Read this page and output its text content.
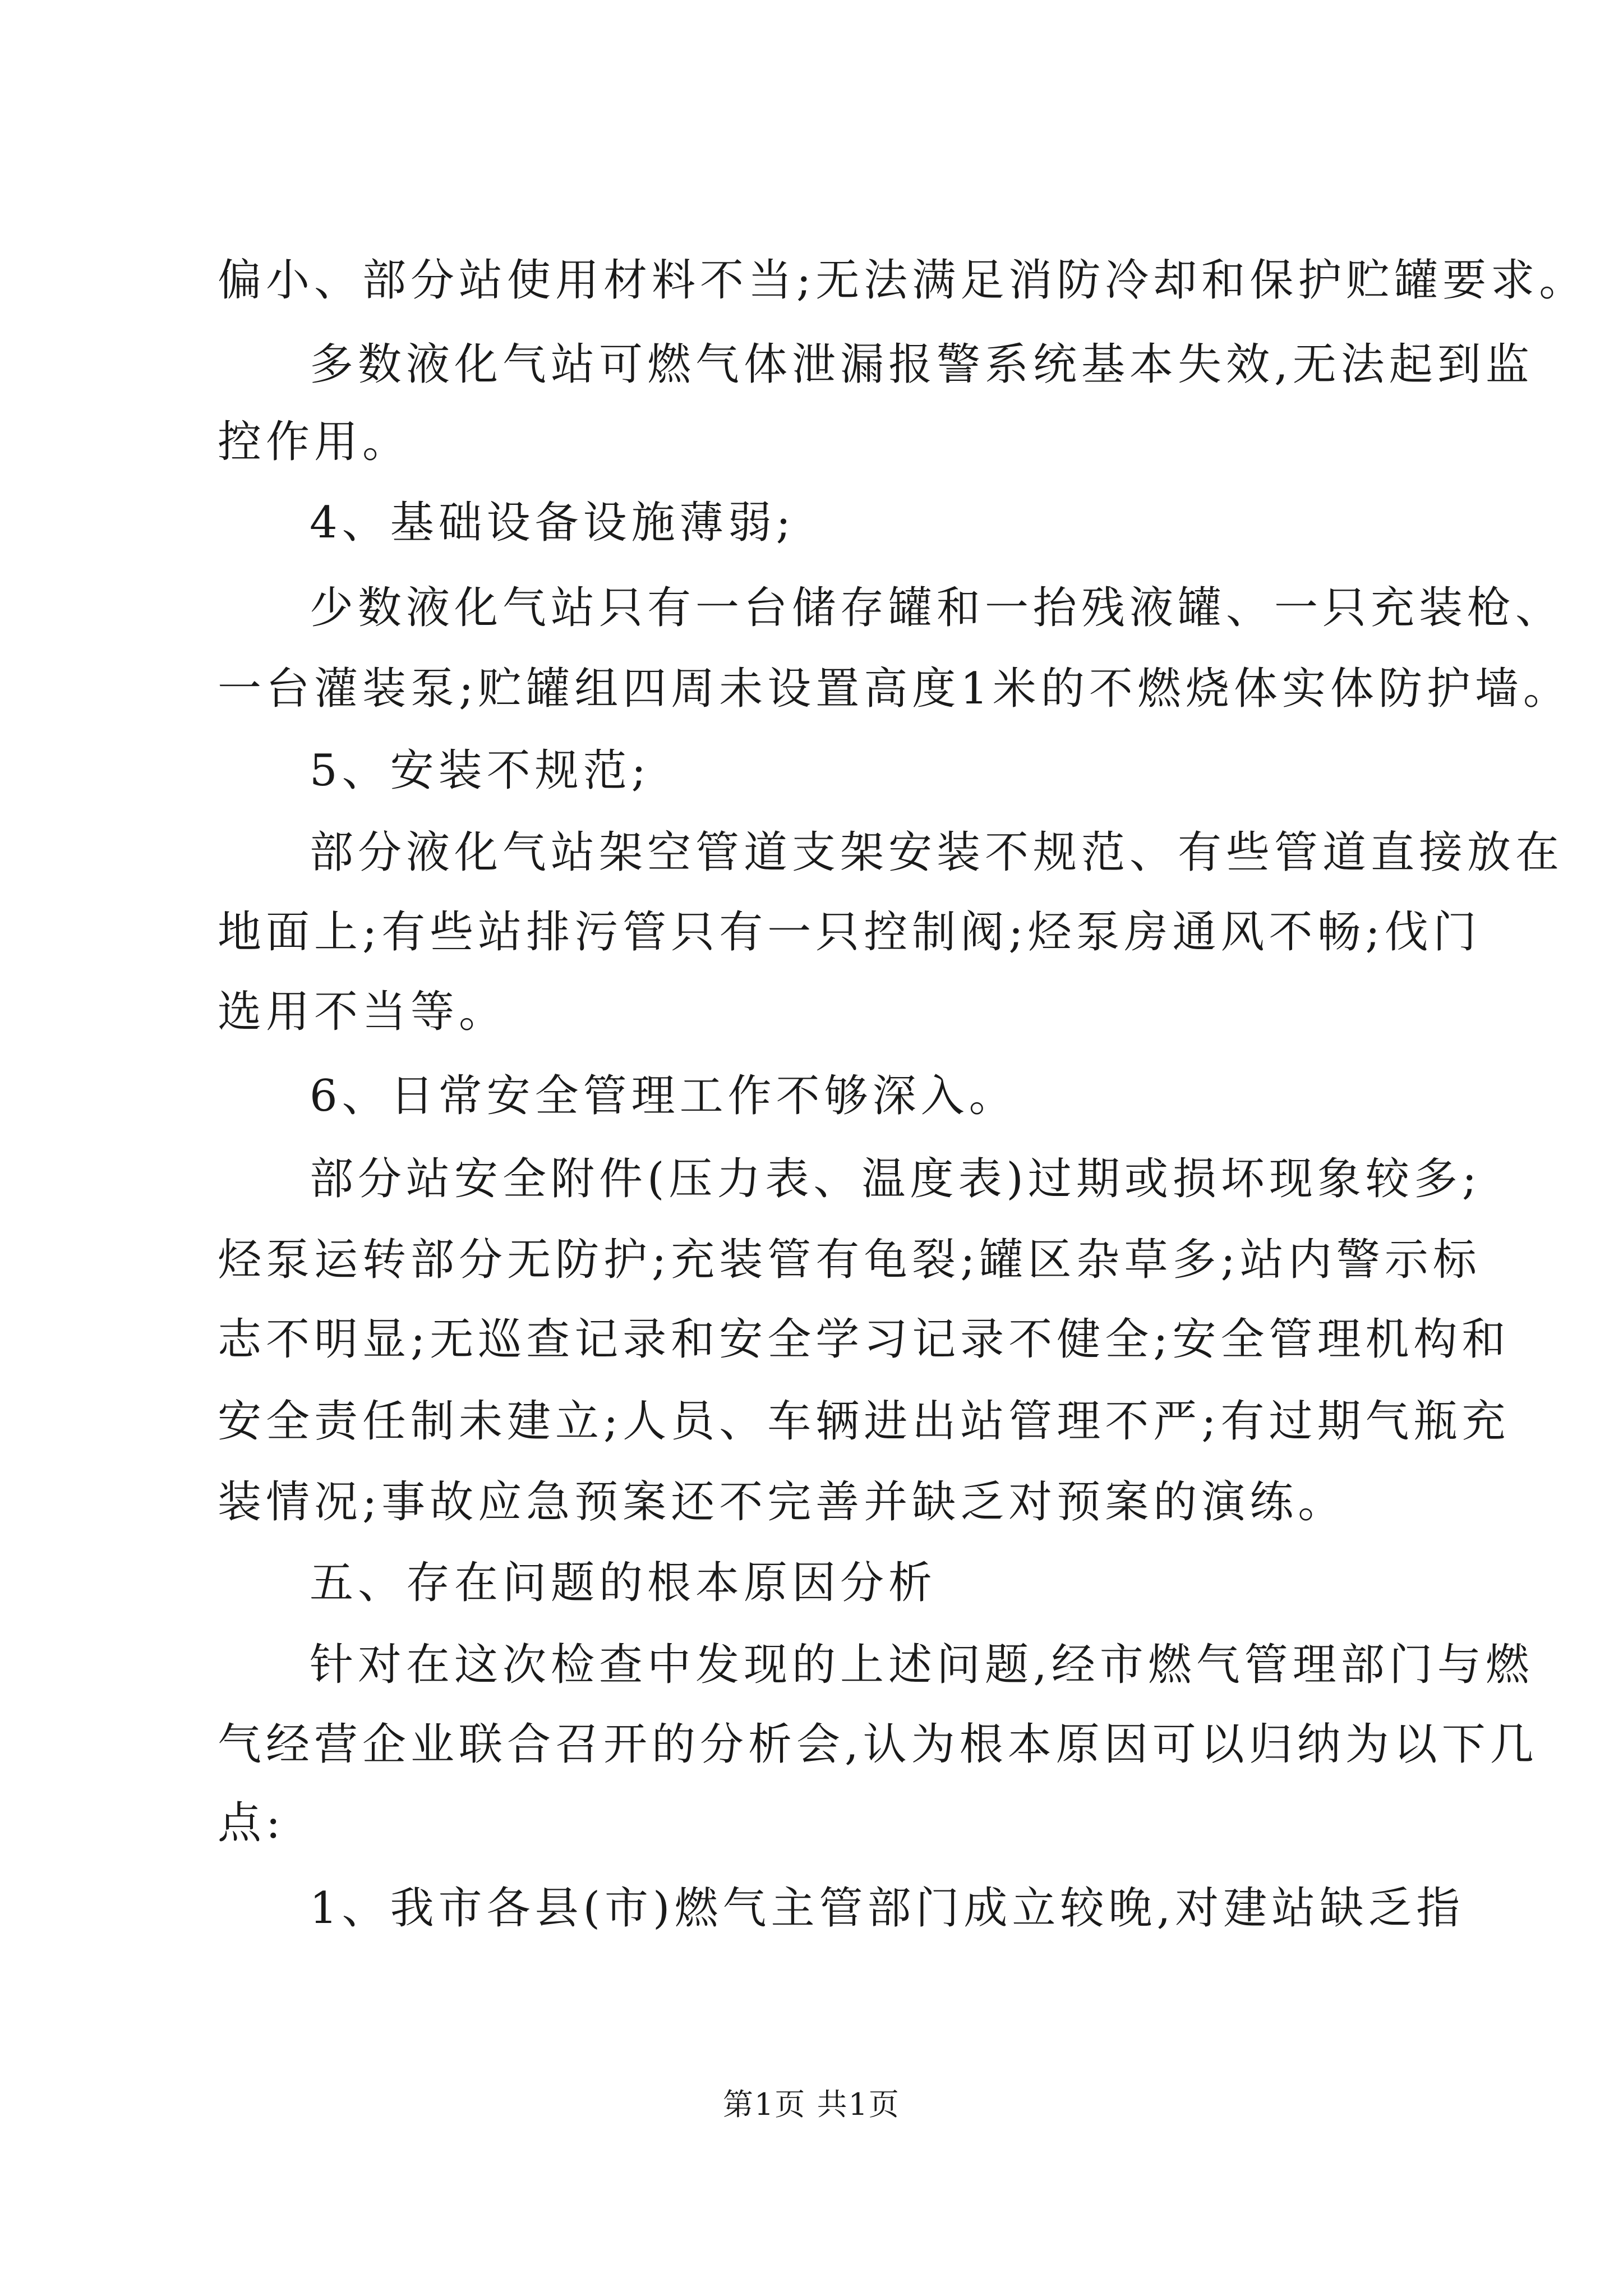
偏小、部分站使用材料不当;无法满足消防冷却和保护贮罐要求。
多数液化气站可燃气体泄漏报警系统基本失效,无法起到监
控作用。
4、基础设备设施薄弱;
少数液化气站只有一台储存罐和一抬残液罐、一只充装枪、
一台灌装泵;贮罐组四周未设置高度1米的不燃烧体实体防护墙。
5、安装不规范;
部分液化气站架空管道支架安装不规范、有些管道直接放在
地面上;有些站排污管只有一只控制阀;烃泵房通风不畅;伐门
选用不当等。
6、日常安全管理工作不够深入。
部分站安全附件(压力表、温度表)过期或损坏现象较多;
烃泵运转部分无防护;充装管有龟裂;罐区杂草多;站内警示标
志不明显;无巡查记录和安全学习记录不健全;安全管理机构和
安全责任制未建立;人员、车辆进出站管理不严;有过期气瓶充
装情况;事故应急预案还不完善并缺乏对预案的演练。
五、存在问题的根本原因分析
针对在这次检查中发现的上述问题,经市燃气管理部门与燃
气经营企业联合召开的分析会,认为根本原因可以归纳为以下几
点:
1、我市各县(市)燃气主管部门成立较晚,对建站缺乏指
第1页 共1页
